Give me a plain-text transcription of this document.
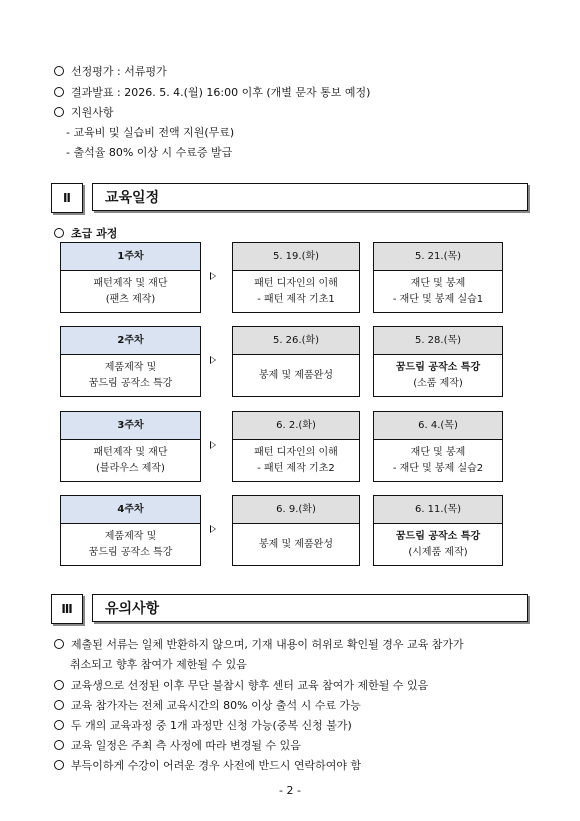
선정평가 : 서류평가
결과발표 : 2026. 5. 4.(월) 16:00 이후 (개별 문자 통보 예정)
지원사항
- 교육비 및 실습비 전액 지원(무료)
- 출석율 80% 이상 시 수료증 발급
Ⅱ	교육일정
초급 과정
1주차
패턴제작 및 재단
(팬츠 제작)
5. 19.(화)
패턴 디자인의 이해
- 패턴 제작 기초1
5. 21.(목)
재단 및 봉제
- 재단 및 봉제 실습1
2주차
제품제작 및
꿈드림 공작소 특강
5. 26.(화)
봉제 및 제품완성
5. 28.(목)
꿈드림 공작소 특강
(소품 제작)
3주차
패턴제작 및 재단
(블라우스 제작)
6. 2.(화)
패턴 디자인의 이해
- 패턴 제작 기초2
6. 4.(목)
재단 및 봉제
- 재단 및 봉제 실습2
4주차
제품제작 및
꿈드림 공작소 특강
6. 9.(화)
봉제 및 제품완성
6. 11.(목)
꿈드림 공작소 특강
(시제품 제작)
Ⅲ	유의사항
제출된 서류는 일체 반환하지 않으며, 기재 내용이 허위로 확인될 경우 교육 참가가
취소되고 향후 참여가 제한될 수 있음
교육생으로 선정된 이후 무단 불참시 향후 센터 교육 참여가 제한될 수 있음
교육 참가자는 전체 교육시간의 80% 이상 출석 시 수료 가능
두 개의 교육과정 중 1개 과정만 신청 가능(중복 신청 불가)
교육 일정은 주최 측 사정에 따라 변경될 수 있음
부득이하게 수강이 어려운 경우 사전에 반드시 연락하여야 함
- 2 -
